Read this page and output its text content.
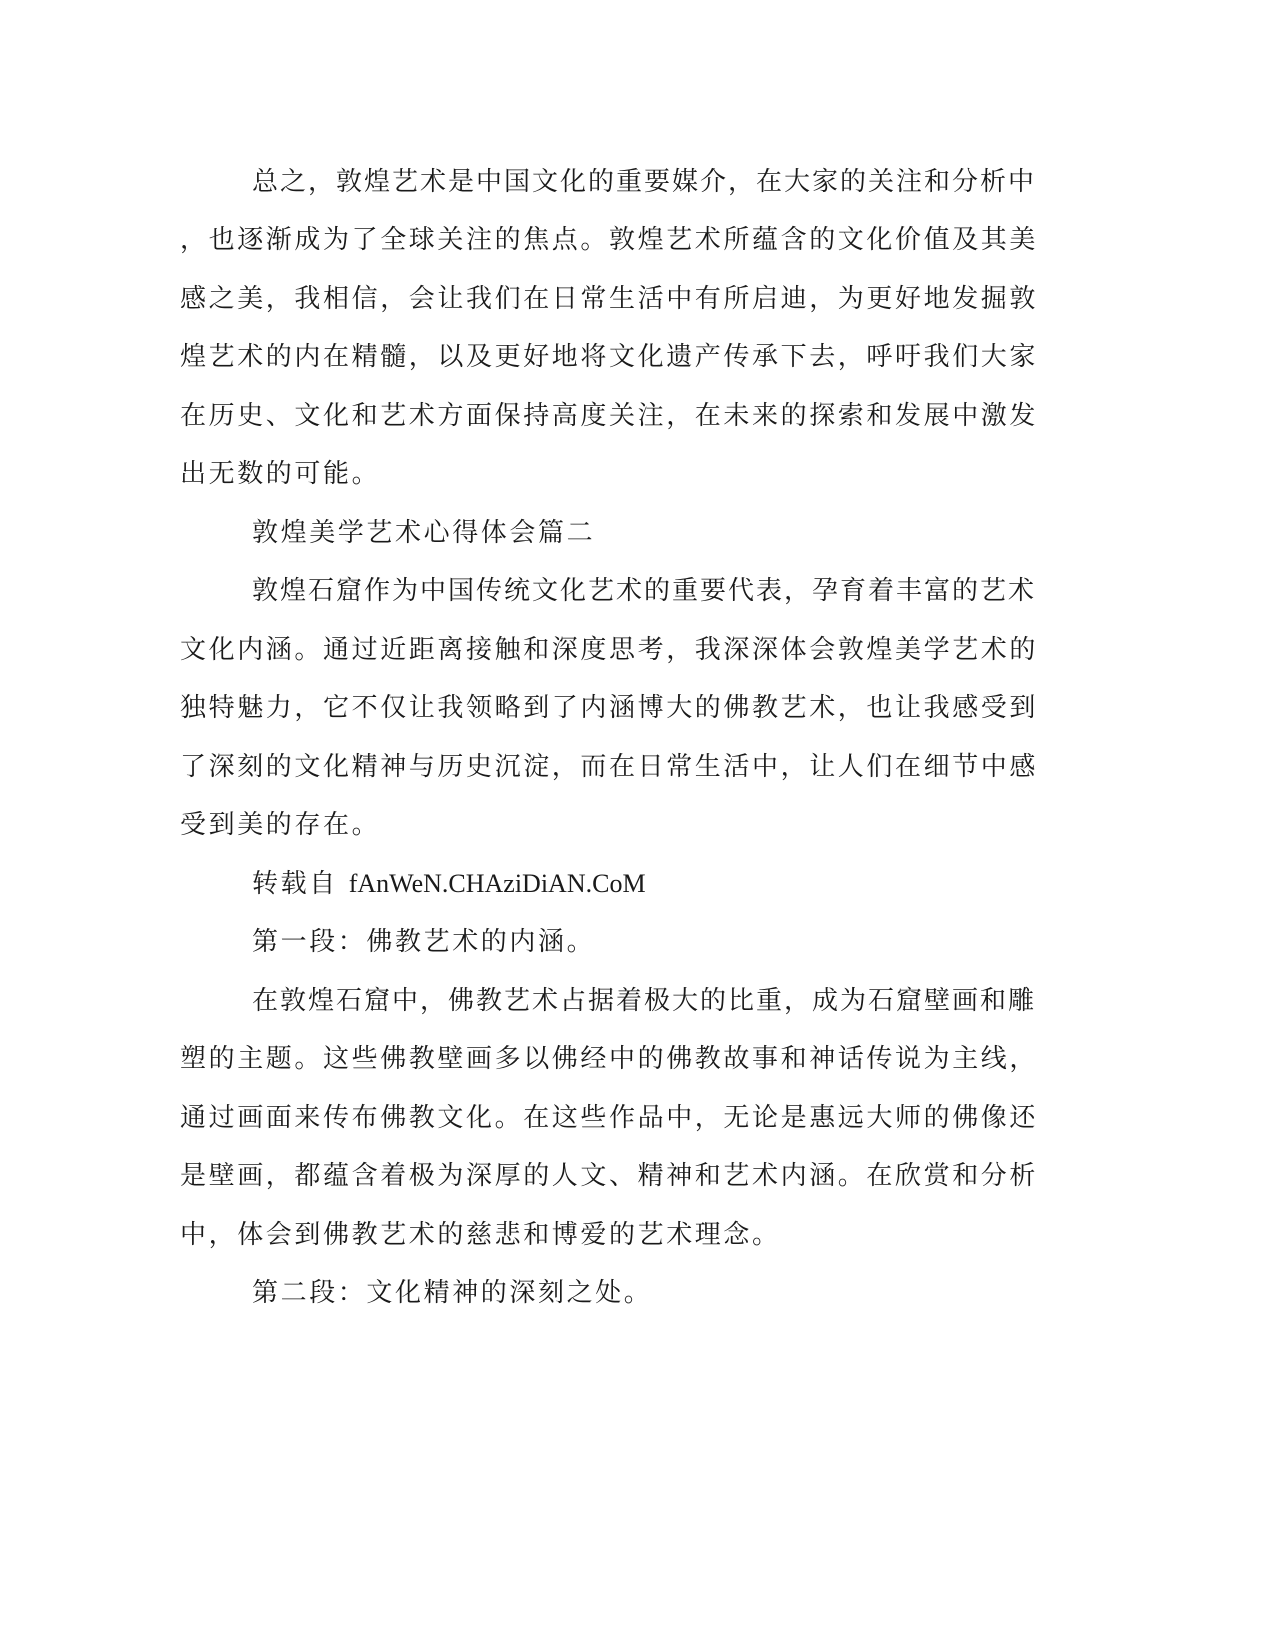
总之，敦煌艺术是中国文化的重要媒介，在大家的关注和分析中

，也逐渐成为了全球关注的焦点。敦煌艺术所蕴含的文化价值及其美

感之美，我相信，会让我们在日常生活中有所启迪，为更好地发掘敦

煌艺术的内在精髓，以及更好地将文化遗产传承下去，呼吁我们大家

在历史、文化和艺术方面保持高度关注，在未来的探索和发展中激发

出无数的可能。

敦煌美学艺术心得体会篇二

敦煌石窟作为中国传统文化艺术的重要代表，孕育着丰富的艺术

文化内涵。通过近距离接触和深度思考，我深深体会敦煌美学艺术的

独特魅力，它不仅让我领略到了内涵博大的佛教艺术，也让我感受到

了深刻的文化精神与历史沉淀，而在日常生活中，让人们在细节中感

受到美的存在。

转载自 fAnWeN.CHAziDiAN.CoM

第一段：佛教艺术的内涵。

在敦煌石窟中，佛教艺术占据着极大的比重，成为石窟壁画和雕

塑的主题。这些佛教壁画多以佛经中的佛教故事和神话传说为主线，

通过画面来传布佛教文化。在这些作品中，无论是惠远大师的佛像还

是壁画，都蕴含着极为深厚的人文、精神和艺术内涵。在欣赏和分析

中，体会到佛教艺术的慈悲和博爱的艺术理念。

第二段：文化精神的深刻之处。
